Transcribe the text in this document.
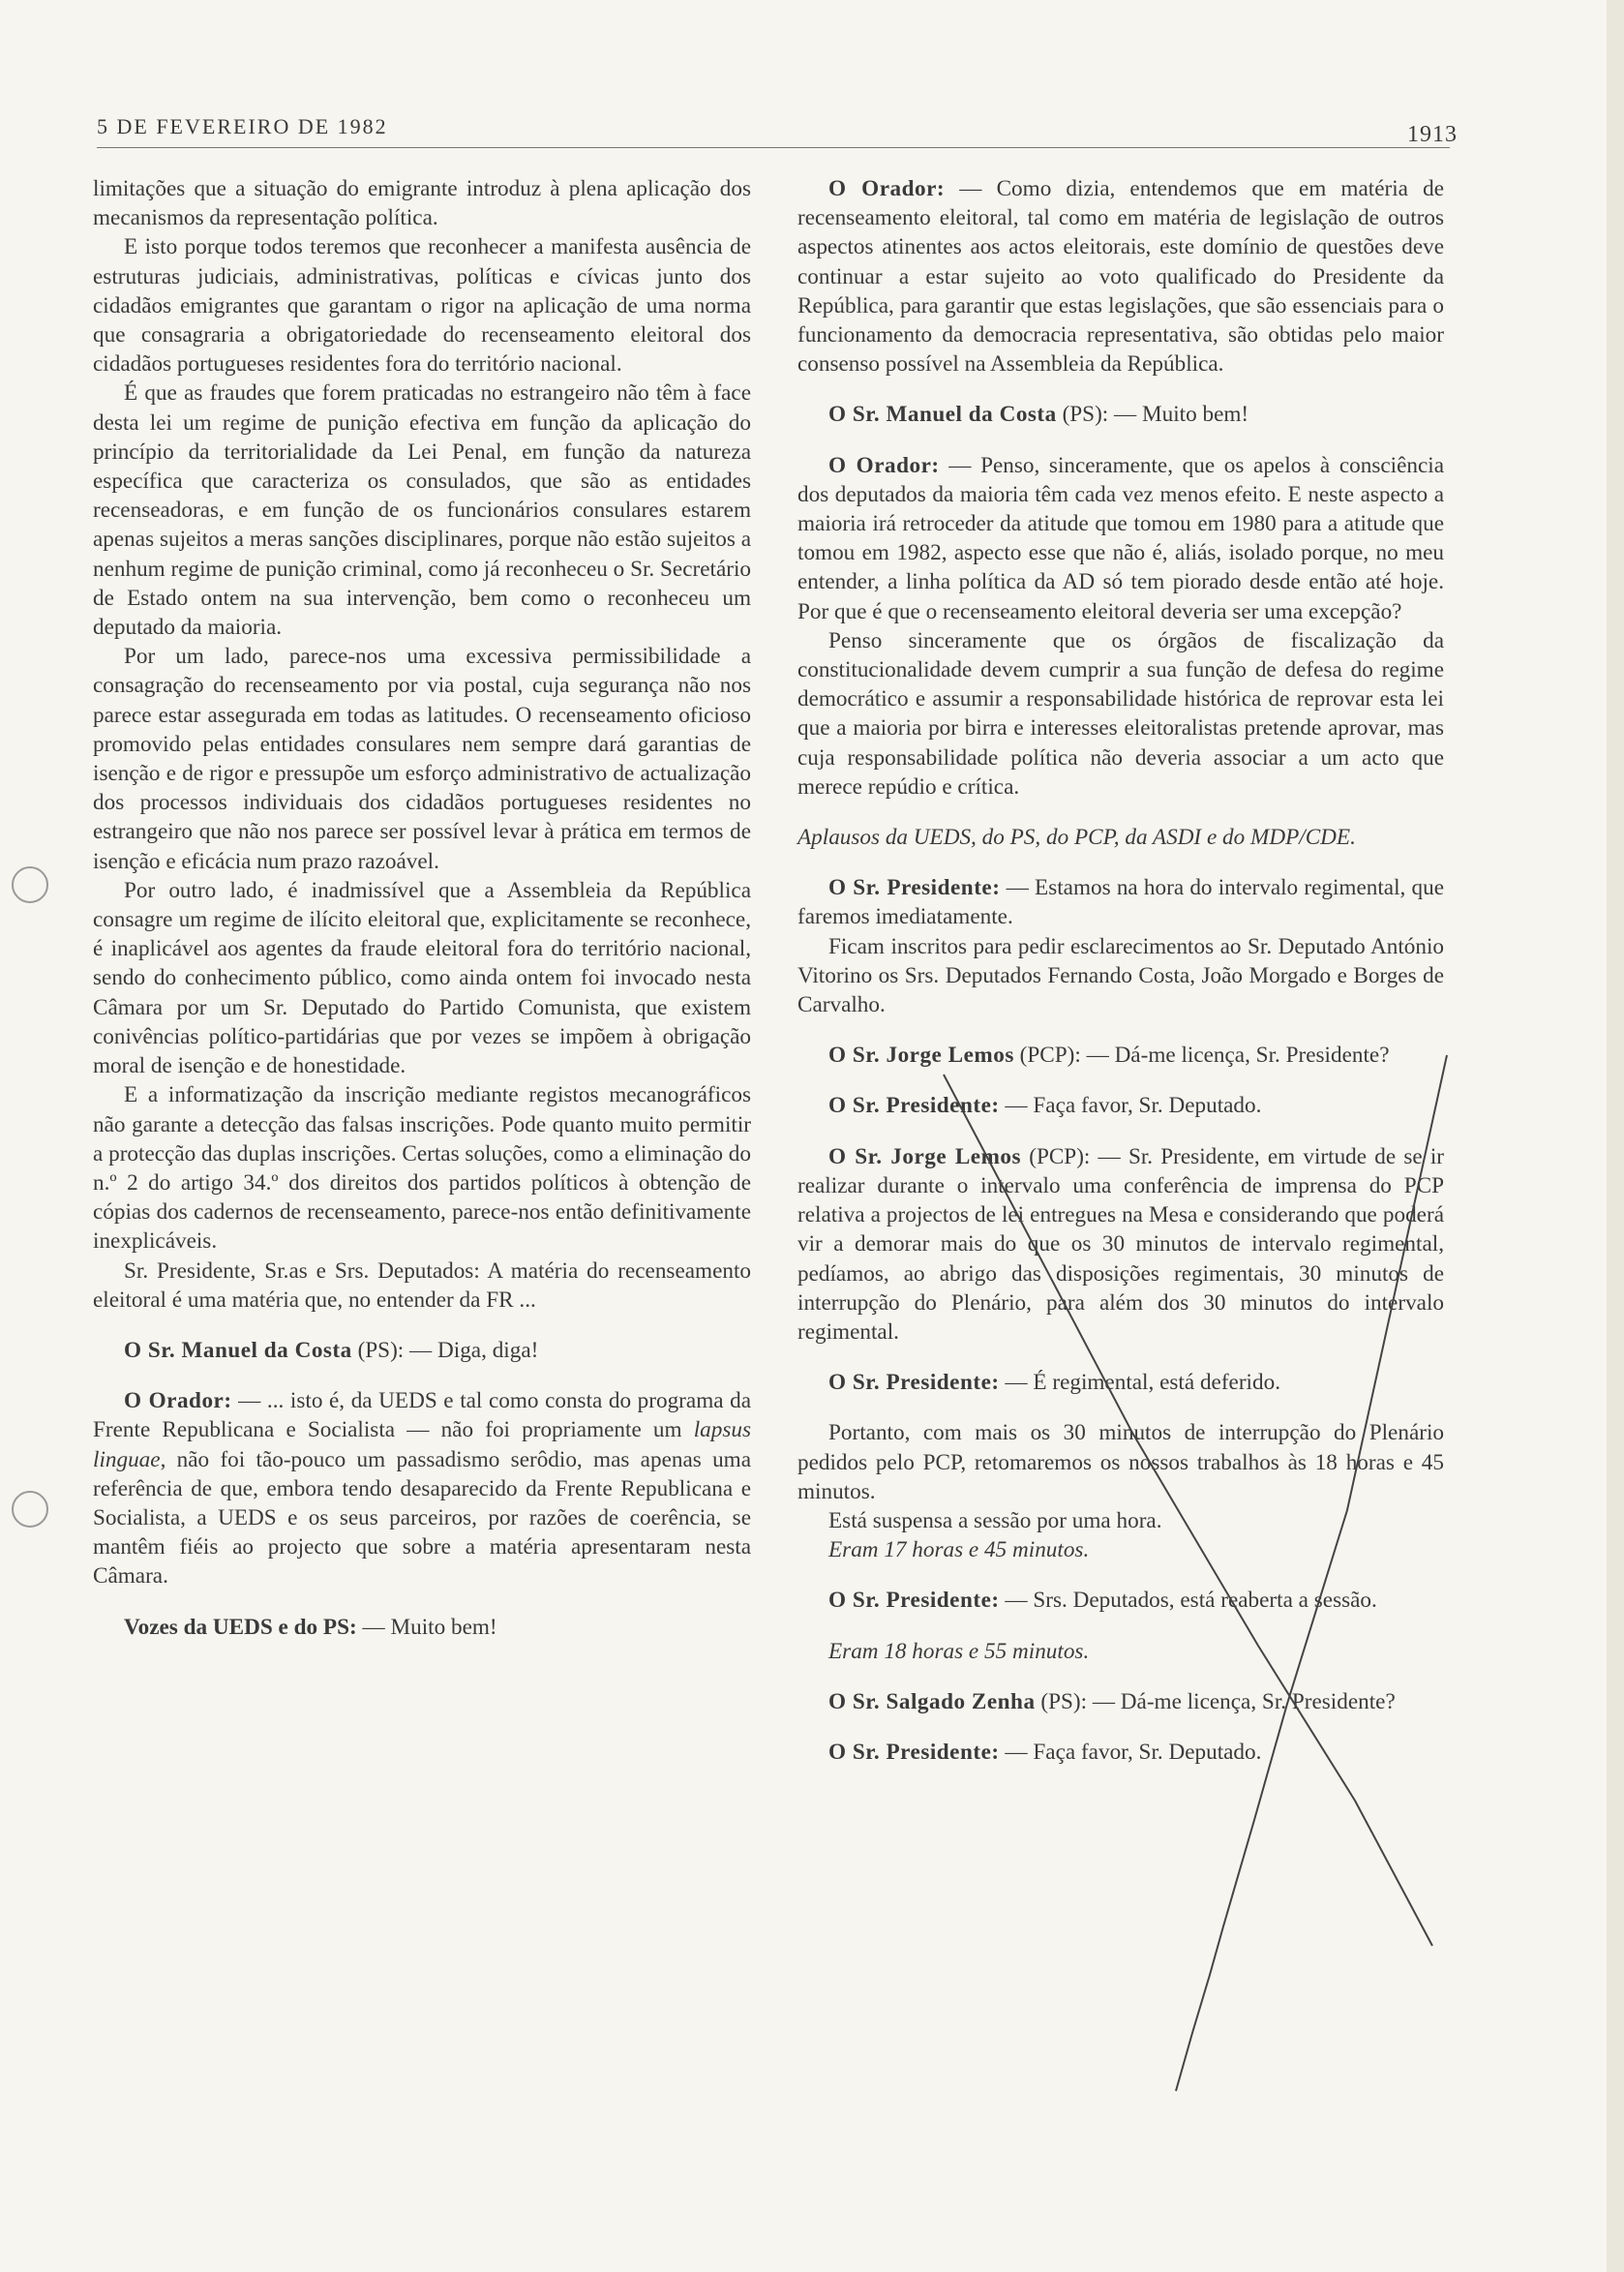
5 DE FEVEREIRO DE 1982	1913

limitações que a situação do emigrante introduz à plena aplicação dos mecanismos da representação política.

E isto porque todos teremos que reconhecer a manifesta ausência de estruturas judiciais, administrativas, políticas e cívicas junto dos cidadãos emigrantes que garantam o rigor na aplicação de uma norma que consagraria a obrigatoriedade do recenseamento eleitoral dos cidadãos portugueses residentes fora do território nacional.

É que as fraudes que forem praticadas no estrangeiro não têm à face desta lei um regime de punição efectiva em função da aplicação do princípio da territorialidade da Lei Penal, em função da natureza específica que caracteriza os consulados, que são as entidades recenseadoras, e em função de os funcionários consulares estarem apenas sujeitos a meras sanções disciplinares, porque não estão sujeitos a nenhum regime de punição criminal, como já reconheceu o Sr. Secretário de Estado ontem na sua intervenção, bem como o reconheceu um deputado da maioria.

Por um lado, parece-nos uma excessiva permissibilidade a consagração do recenseamento por via postal, cuja segurança não nos parece estar assegurada em todas as latitudes. O recenseamento oficioso promovido pelas entidades consulares nem sempre dará garantias de isenção e de rigor e pressupõe um esforço administrativo de actualização dos processos individuais dos cidadãos portugueses residentes no estrangeiro que não nos parece ser possível levar à prática em termos de isenção e eficácia num prazo razoável.

Por outro lado, é inadmissível que a Assembleia da República consagre um regime de ilícito eleitoral que, explicitamente se reconhece, é inaplicável aos agentes da fraude eleitoral fora do território nacional, sendo do conhecimento público, como ainda ontem foi invocado nesta Câmara por um Sr. Deputado do Partido Comunista, que existem conivências político-partidárias que por vezes se impõem à obrigação moral de isenção e de honestidade.

E a informatização da inscrição mediante registos mecanográficos não garante a detecção das falsas inscrições. Pode quanto muito permitir a protecção das duplas inscrições. Certas soluções, como a eliminação do n.º 2 do artigo 34.º dos direitos dos partidos políticos à obtenção de cópias dos cadernos de recenseamento, parece-nos então definitivamente inexplicáveis.

Sr. Presidente, Sr.as e Srs. Deputados: A matéria do recenseamento eleitoral é uma matéria que, no entender da FR ...

O Sr. Manuel da Costa (PS): — Diga, diga!

O Orador: — ... isto é, da UEDS e tal como consta do programa da Frente Republicana e Socialista — não foi propriamente um lapsus linguae, não foi tão-pouco um passadismo serôdio, mas apenas uma referência de que, embora tendo desaparecido da Frente Republicana e Socialista, a UEDS e os seus parceiros, por razões de coerência, se mantêm fiéis ao projecto que sobre a matéria apresentaram nesta Câmara.

Vozes da UEDS e do PS: — Muito bem!

O Orador: — Como dizia, entendemos que em matéria de recenseamento eleitoral, tal como em matéria de legislação de outros aspectos atinentes aos actos eleitorais, este domínio de questões deve continuar a estar sujeito ao voto qualificado do Presidente da República, para garantir que estas legislações, que são essenciais para o funcionamento da democracia representativa, são obtidas pelo maior consenso possível na Assembleia da República.

O Sr. Manuel da Costa (PS): — Muito bem!

O Orador: — Penso, sinceramente, que os apelos à consciência dos deputados da maioria têm cada vez menos efeito. E neste aspecto a maioria irá retroceder da atitude que tomou em 1980 para a atitude que tomou em 1982, aspecto esse que não é, aliás, isolado porque, no meu entender, a linha política da AD só tem piorado desde então até hoje. Por que é que o recenseamento eleitoral deveria ser uma excepção?

Penso sinceramente que os órgãos de fiscalização da constitucionalidade devem cumprir a sua função de defesa do regime democrático e assumir a responsabilidade histórica de reprovar esta lei que a maioria por birra e interesses eleitoralistas pretende aprovar, mas cuja responsabilidade política não deveria associar a um acto que merece repúdio e crítica.

Aplausos da UEDS, do PS, do PCP, da ASDI e do MDP/CDE.

O Sr. Presidente: — Estamos na hora do intervalo regimental, que faremos imediatamente.

Ficam inscritos para pedir esclarecimentos ao Sr. Deputado António Vitorino os Srs. Deputados Fernando Costa, João Morgado e Borges de Carvalho.

O Sr. Jorge Lemos (PCP): — Dá-me licença, Sr. Presidente?

O Sr. Presidente: — Faça favor, Sr. Deputado.

O Sr. Jorge Lemos (PCP): — Sr. Presidente, em virtude de se ir realizar durante o intervalo uma conferência de imprensa do PCP relativa a projectos de lei entregues na Mesa e considerando que poderá vir a demorar mais do que os 30 minutos de intervalo regimental, pedíamos, ao abrigo das disposições regimentais, 30 minutos de interrupção do Plenário, para além dos 30 minutos do intervalo regimental.

O Sr. Presidente: — É regimental, está deferido.

Portanto, com mais os 30 minutos de interrupção do Plenário pedidos pelo PCP, retomaremos os nossos trabalhos às 18 horas e 45 minutos.

Está suspensa a sessão por uma hora.

Eram 17 horas e 45 minutos.

O Sr. Presidente: — Srs. Deputados, está reaberta a sessão.

Eram 18 horas e 55 minutos.

O Sr. Salgado Zenha (PS): — Dá-me licença, Sr. Presidente?

O Sr. Presidente: — Faça favor, Sr. Deputado.
